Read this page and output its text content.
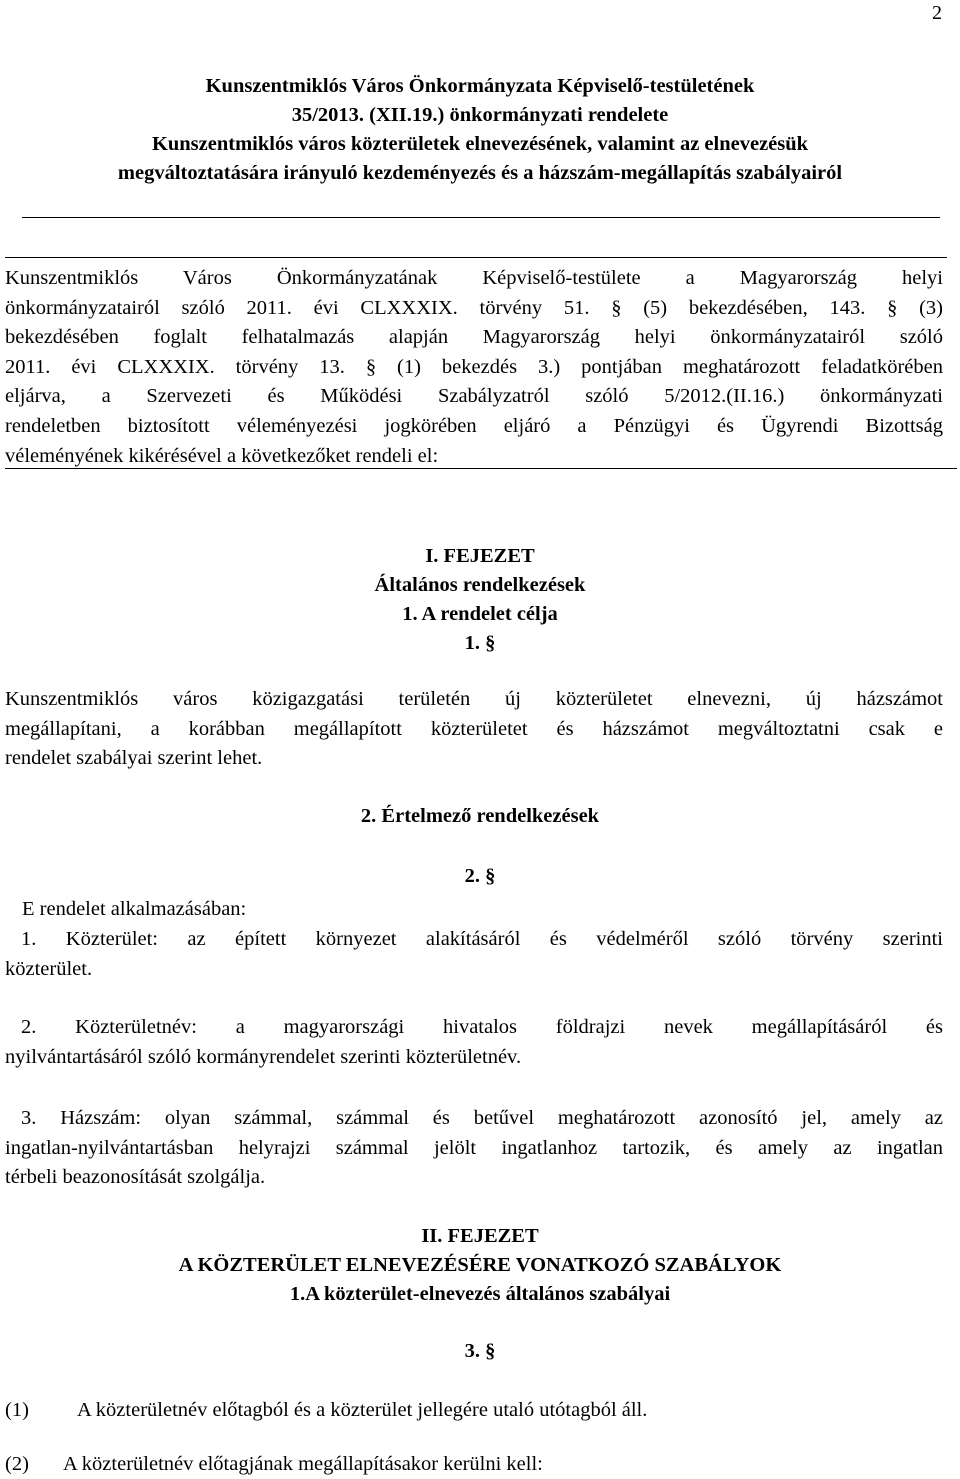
2
Kunszentmiklós Város Önkormányzata Képviselő-testületének
35/2013. (XII.19.) önkormányzati rendelete
Kunszentmiklós város közterületek elnevezésének, valamint az elnevezésük
megváltoztatására irányuló kezdeményezés és a házszám-megállapítás szabályairól
Kunszentmiklós Város Önkormányzatának Képviselő-testülete a Magyarország helyi
önkormányzatairól szóló 2011. évi CLXXXIX. törvény 51. § (5) bekezdésében, 143. § (3)
bekezdésében foglalt felhatalmazás alapján Magyarország helyi önkormányzatairól szóló
2011. évi CLXXXIX. törvény 13. § (1) bekezdés 3.) pontjában meghatározott feladatkörében
eljárva, a Szervezeti és Működési Szabályzatról szóló 5/2012.(II.16.) önkormányzati
rendeletben biztosított véleményezési jogkörében eljáró a Pénzügyi és Ügyrendi Bizottság
véleményének kikérésével a következőket rendeli el:
I. FEJEZET
Általános rendelkezések
1. A rendelet célja
1. §
Kunszentmiklós város közigazgatási területén új közterületet elnevezni, új házszámot
megállapítani, a korábban megállapított közterületet és házszámot megváltoztatni csak e
rendelet szabályai szerint lehet.
2. Értelmező rendelkezések
2. §
E rendelet alkalmazásában:
1. Közterület: az épített környezet alakításáról és védelméről szóló törvény szerinti
közterület.
2. Közterületnév: a magyarországi hivatalos földrajzi nevek megállapításáról és
nyilvántartásáról szóló kormányrendelet szerinti közterületnév.
3. Házszám: olyan számmal, számmal és betűvel meghatározott azonosító jel, amely az
ingatlan-nyilvántartásban helyrajzi számmal jelölt ingatlanhoz tartozik, és amely az ingatlan
térbeli beazonosítását szolgálja.
II. FEJEZET
A KÖZTERÜLET ELNEVEZÉSÉRE VONATKOZÓ SZABÁLYOK
1.A közterület-elnevezés általános szabályai
3. §
(1) A közterületnév előtagból és a közterület jellegére utaló utótagból áll.
(2) A közterületnév előtagjának megállapításakor kerülni kell:
